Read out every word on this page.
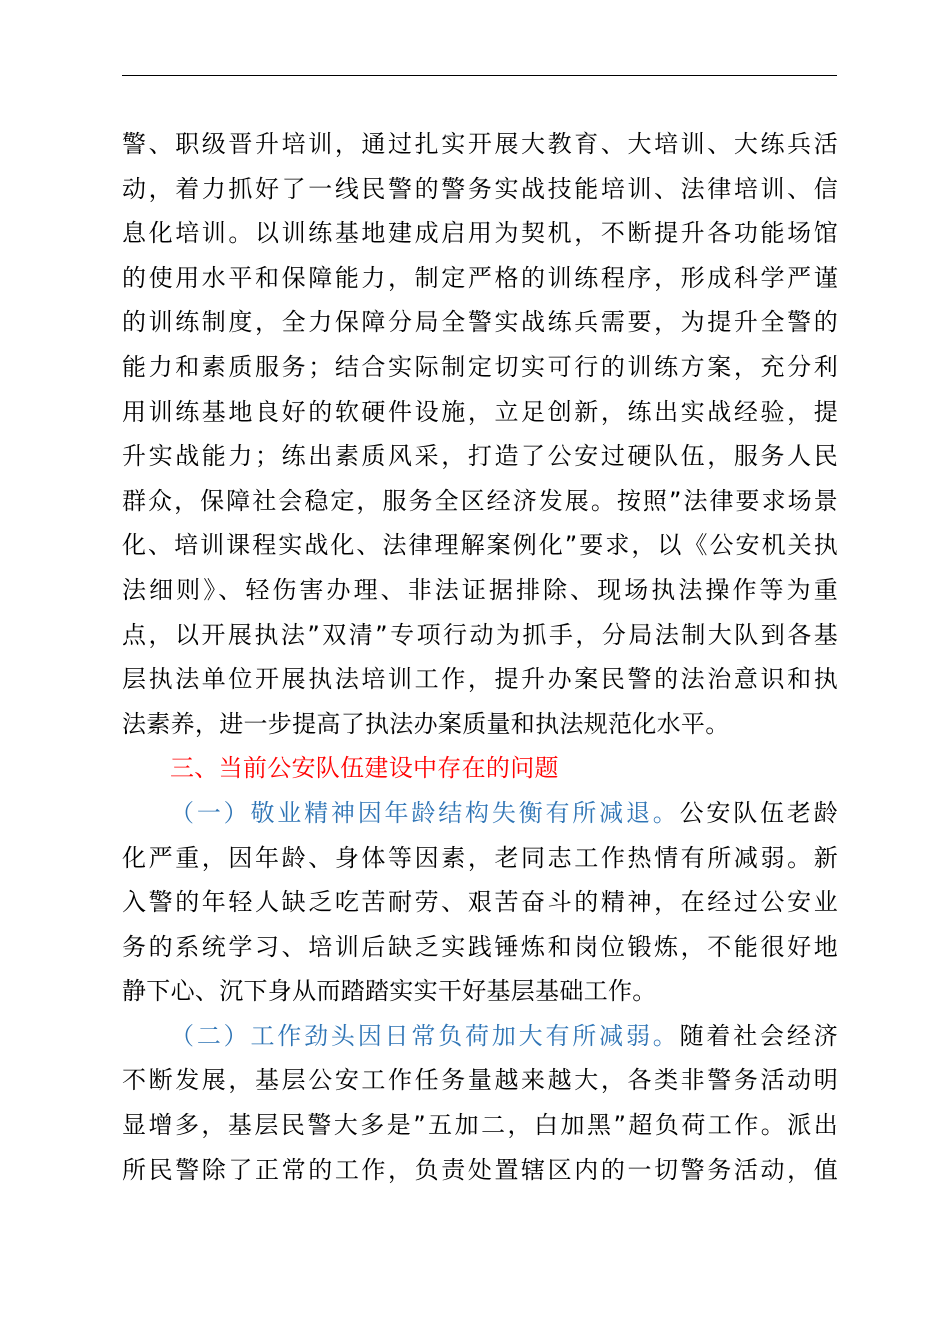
警、职级晋升培训，通过扎实开展大教育、大培训、大练兵活
动，着力抓好了一线民警的警务实战技能培训、法律培训、信
息化培训。以训练基地建成启用为契机，不断提升各功能场馆
的使用水平和保障能力，制定严格的训练程序，形成科学严谨
的训练制度，全力保障分局全警实战练兵需要，为提升全警的
能力和素质服务；结合实际制定切实可行的训练方案，充分利
用训练基地良好的软硬件设施，立足创新，练出实战经验，提
升实战能力；练出素质风采，打造了公安过硬队伍，服务人民
群众，保障社会稳定，服务全区经济发展。按照”法律要求场景
化、培训课程实战化、法律理解案例化”要求，以《公安机关执
法细则》、轻伤害办理、非法证据排除、现场执法操作等为重
点，以开展执法”双清”专项行动为抓手，分局法制大队到各基
层执法单位开展执法培训工作，提升办案民警的法治意识和执
法素养，进一步提高了执法办案质量和执法规范化水平。
三、当前公安队伍建设中存在的问题
（一）敬业精神因年龄结构失衡有所减退。公安队伍老龄
化严重，因年龄、身体等因素，老同志工作热情有所减弱。新
入警的年轻人缺乏吃苦耐劳、艰苦奋斗的精神，在经过公安业
务的系统学习、培训后缺乏实践锤炼和岗位锻炼，不能很好地
静下心、沉下身从而踏踏实实干好基层基础工作。
（二）工作劲头因日常负荷加大有所减弱。随着社会经济
不断发展，基层公安工作任务量越来越大，各类非警务活动明
显增多，基层民警大多是”五加二，白加黑”超负荷工作。派出
所民警除了正常的工作，负责处置辖区内的一切警务活动，值
